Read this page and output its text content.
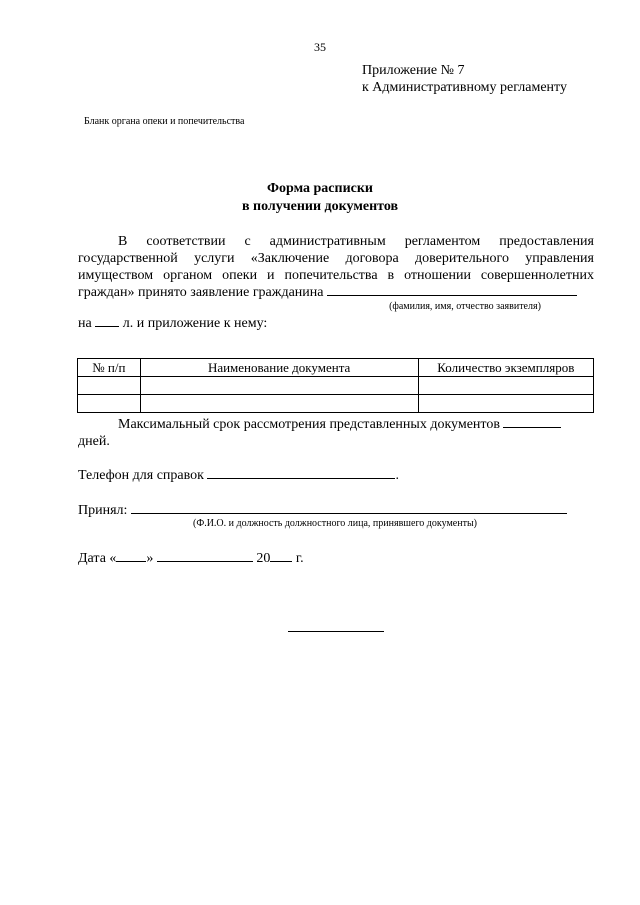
35
Приложение № 7
к Административному регламенту
Бланк органа опеки и попечительства
Форма расписки
в получении документов
В соответствии с административным регламентом предоставления
государственной услуги «Заключение договора доверительного управления
имуществом органом опеки и попечительства в отношении совершеннолетних
граждан» принято заявление гражданина
(фамилия, имя, отчество заявителя)
на л. и приложение к нему:
№ п/п	Наименование документа	Количество экземпляров

Максимальный срок рассмотрения представленных документов
дней.
Телефон для справок	.
Принял:
(Ф.И.О. и должность должностного лица, принявшего документы)
Дата « »	20 г.
